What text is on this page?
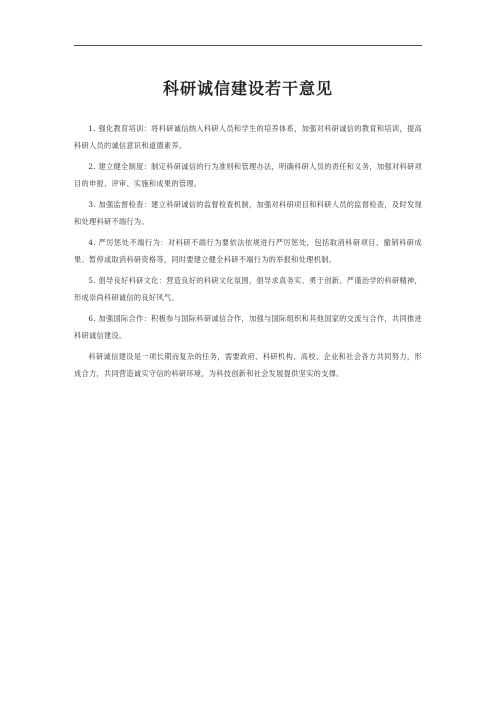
科研诚信建设若干意见

1. 强化教育培训：将科研诚信纳入科研人员和学生的培养体系，加强对科研诚信的教育和培训，提高科研人员的诚信意识和道德素养。

2. 建立健全制度：制定科研诚信的行为准则和管理办法，明确科研人员的责任和义务，加强对科研项目的申报、评审、实施和成果的管理。

3. 加强监督检查：建立科研诚信的监督检查机制，加强对科研项目和科研人员的监督检查，及时发现和处理科研不端行为。

4. 严厉惩处不端行为：对科研不端行为要依法依规进行严厉惩处，包括取消科研项目、撤销科研成果、暂停或取消科研资格等，同时要建立健全科研不端行为的举报和处理机制。

5. 倡导良好科研文化：营造良好的科研文化氛围，倡导求真务实、勇于创新、严谨治学的科研精神，形成崇尚科研诚信的良好风气。

6. 加强国际合作：积极参与国际科研诚信合作，加强与国际组织和其他国家的交流与合作，共同推进科研诚信建设。

科研诚信建设是一项长期而复杂的任务，需要政府、科研机构、高校、企业和社会各方共同努力，形成合力，共同营造诚实守信的科研环境，为科技创新和社会发展提供坚实的支撑。
